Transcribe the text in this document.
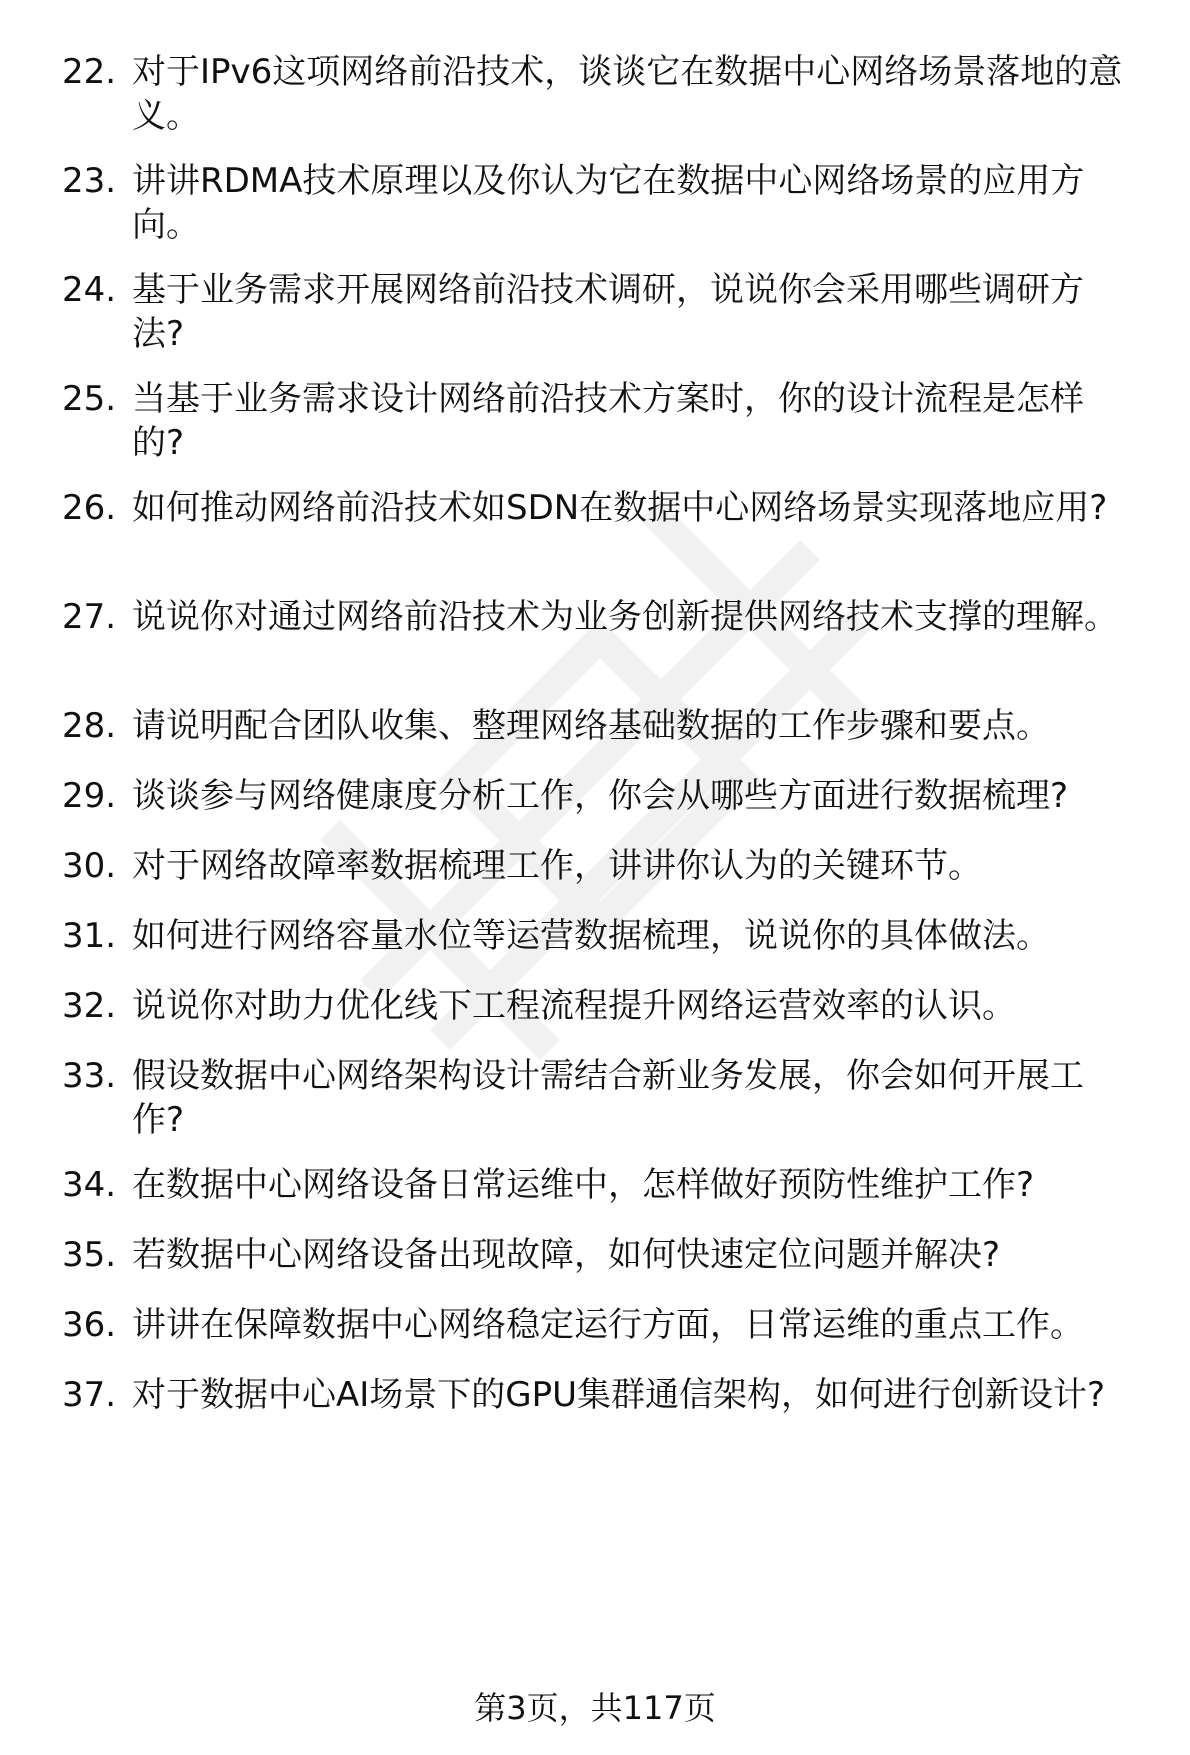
22. 对于IPv6这项网络前沿技术，谈谈它在数据中心网络场景落地的意义。
23. 讲讲RDMA技术原理以及你认为它在数据中心网络场景的应用方向。
24. 基于业务需求开展网络前沿技术调研，说说你会采用哪些调研方法?
25. 当基于业务需求设计网络前沿技术方案时，你的设计流程是怎样的?
26. 如何推动网络前沿技术如SDN在数据中心网络场景实现落地应用?
27. 说说你对通过网络前沿技术为业务创新提供网络技术支撑的理解。
28. 请说明配合团队收集、整理网络基础数据的工作步骤和要点。
29. 谈谈参与网络健康度分析工作，你会从哪些方面进行数据梳理?
30. 对于网络故障率数据梳理工作，讲讲你认为的关键环节。
31. 如何进行网络容量水位等运营数据梳理，说说你的具体做法。
32. 说说你对助力优化线下工程流程提升网络运营效率的认识。
33. 假设数据中心网络架构设计需结合新业务发展，你会如何开展工作?
34. 在数据中心网络设备日常运维中，怎样做好预防性维护工作?
35. 若数据中心网络设备出现故障，如何快速定位问题并解决?
36. 讲讲在保障数据中心网络稳定运行方面，日常运维的重点工作。
37. 对于数据中心AI场景下的GPU集群通信架构，如何进行创新设计?
第3页，共117页
